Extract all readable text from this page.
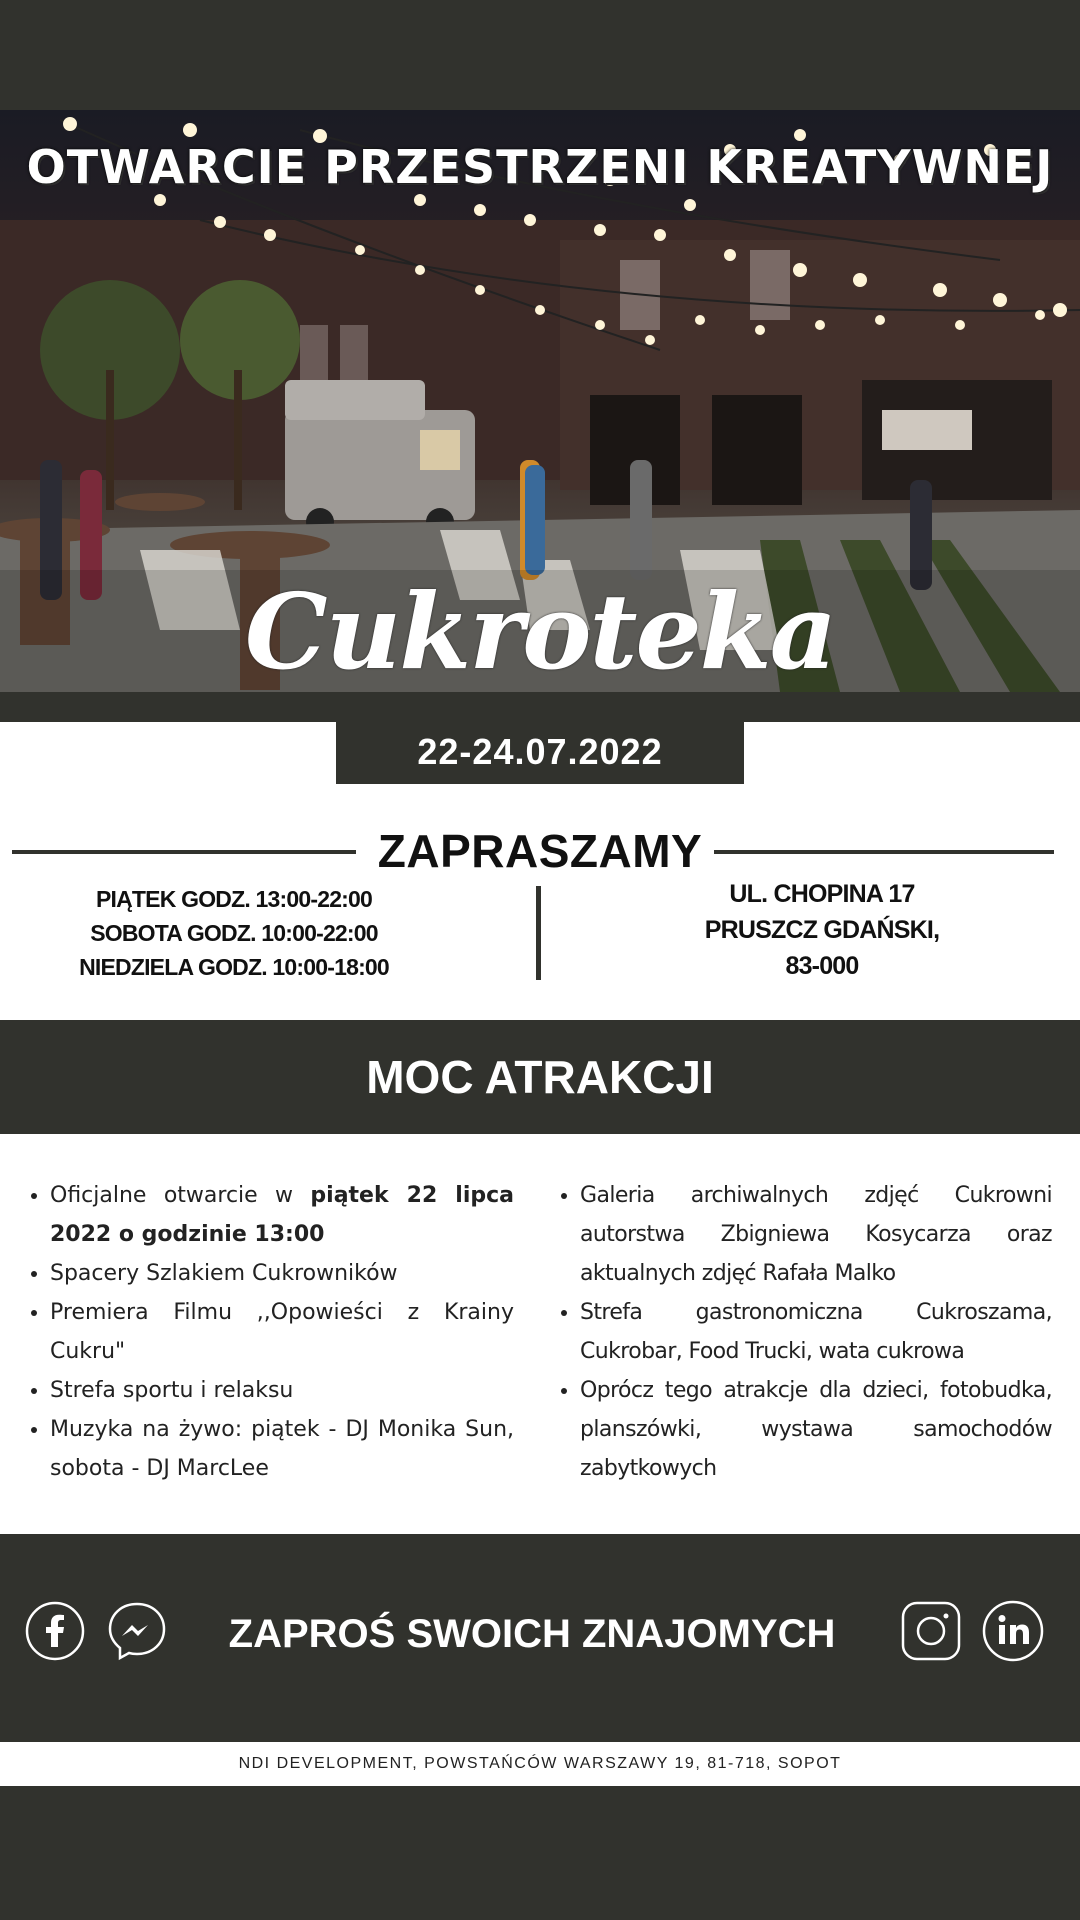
OTWARCIE PRZESTRZENI KREATYWNEJ
Cukroteka
22-24.07.2022
ZAPRASZAMY
PIĄTEK GODZ. 13:00-22:00
SOBOTA GODZ. 10:00-22:00
NIEDZIELA GODZ. 10:00-18:00
UL. CHOPINA 17
PRUSZCZ GDAŃSKI,
83-000
MOC ATRAKCJI
• Oficjalne otwarcie w piątek 22 lipca 2022 o godzinie 13:00
• Spacery Szlakiem Cukrowników
• Premiera Filmu ,,Opowieści z Krainy Cukru"
• Strefa sportu i relaksu
• Muzyka na żywo: piątek - DJ Monika Sun, sobota - DJ MarcLee
• Galeria archiwalnych zdjęć Cukrowni autorstwa Zbigniewa Kosycarza oraz aktualnych zdjęć Rafała Malko
• Strefa gastronomiczna Cukroszama, Cukrobar, Food Trucki, wata cukrowa
• Oprócz tego atrakcje dla dzieci, fotobudka, planszówki, wystawa samochodów zabytkowych
ZAPROŚ SWOICH ZNAJOMYCH
NDI DEVELOPMENT, POWSTAŃCÓW WARSZAWY 19, 81-718, SOPOT
